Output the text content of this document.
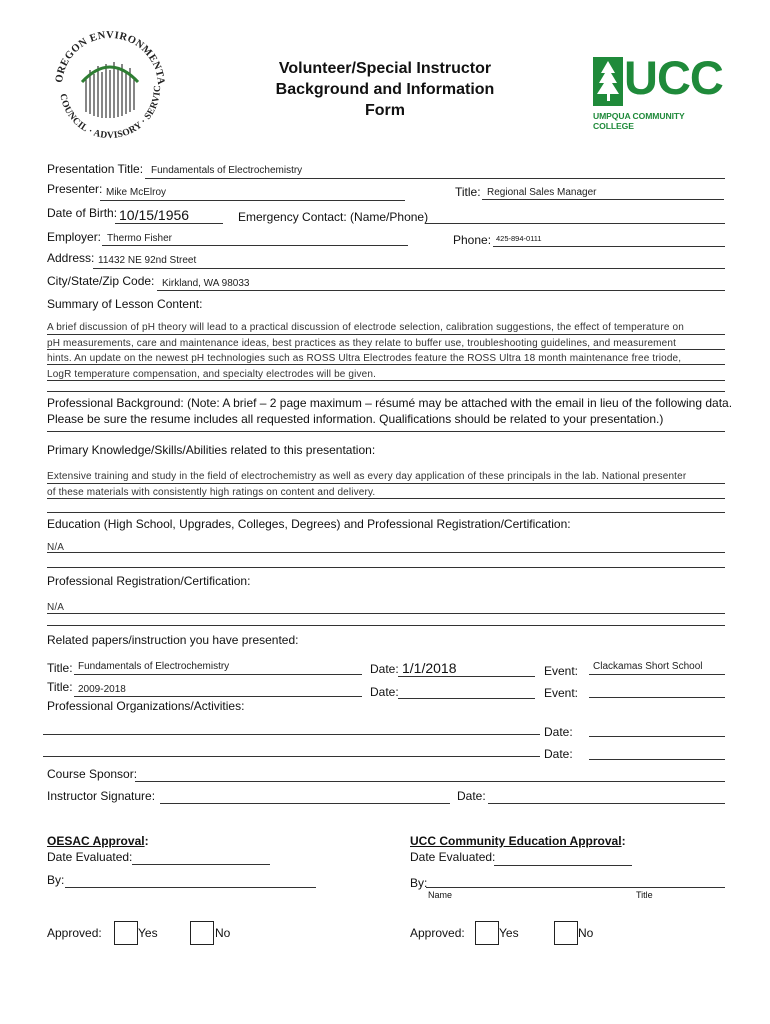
OREGON ENVIRONMENTA
COUNCIL · ADVISORY · SERVIC
Volunteer/Special Instructor
Background and Information
Form
UCC
UMPQUA COMMUNITY COLLEGE
Presentation Title: Fundamentals of Electrochemistry
Presenter: Mike McElroy	Title: Regional Sales Manager
Date of Birth: 10/15/1956	Emergency Contact: (Name/Phone)
Employer: Thermo Fisher	Phone: 425-894-0111
Address: 11432 NE 92nd Street
City/State/Zip Code: Kirkland, WA 98033
Summary of Lesson Content:
A brief discussion of pH theory will lead to a practical discussion of electrode selection, calibration suggestions, the effect of temperature on
pH measurements, care and maintenance ideas, best practices as they relate to buffer use, troubleshooting guidelines, and measurement
hints. An update on the newest pH technologies such as ROSS Ultra Electrodes feature the ROSS Ultra 18 month maintenance free triode,
LogR temperature compensation, and specialty electrodes will be given.
Professional Background: (Note: A brief – 2 page maximum – résumé may be attached with the email in lieu of the following data.
Please be sure the resume includes all requested information. Qualifications should be related to your presentation.)
Primary Knowledge/Skills/Abilities related to this presentation:
Extensive training and study in the field of electrochemistry as well as every day application of these principals in the lab. National presenter
of these materials with consistently high ratings on content and delivery.
Education (High School, Upgrades, Colleges, Degrees) and Professional Registration/Certification:
N/A
Professional Registration/Certification:
N/A
Related papers/instruction you have presented:
Title: Fundamentals of Electrochemistry	Date: 1/1/2018	Event: Clackamas Short School
Title: 2009-2018	Date:	Event:
Professional Organizations/Activities:
Date:
Date:
Course Sponsor:
Instructor Signature:	Date:
OESAC Approval:
Date Evaluated:
By:
UCC Community Education Approval:
Date Evaluated:
By:
Name	Title
Approved:	Yes	No	Approved:	Yes	No
